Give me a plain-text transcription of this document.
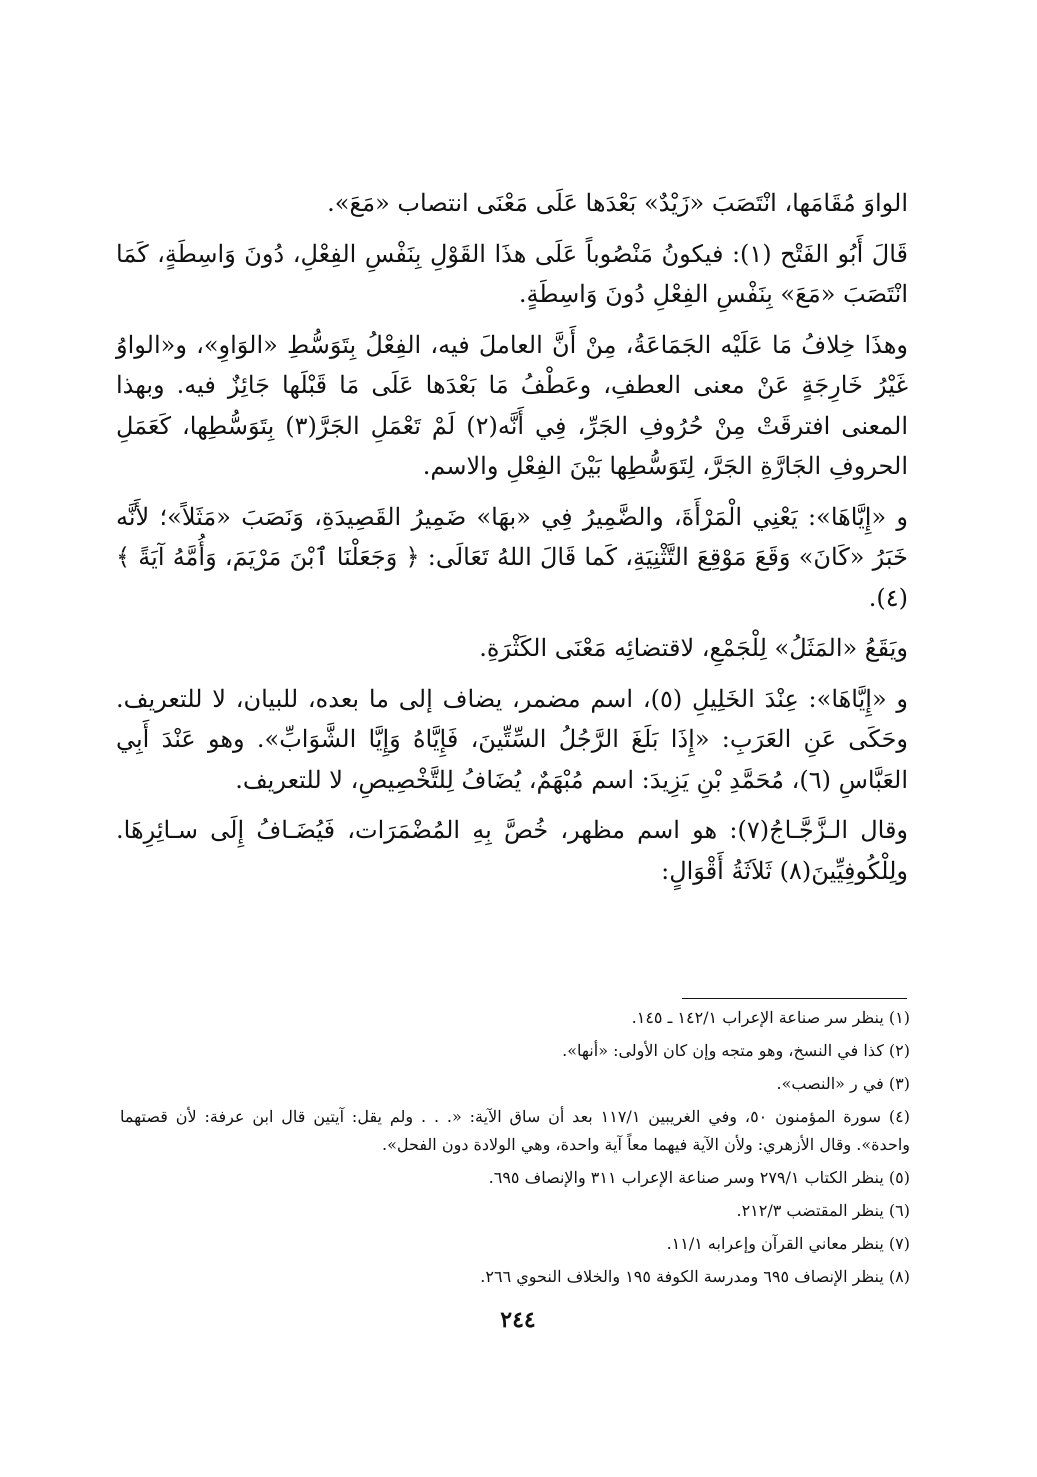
الواوَ مُقَامَها، انْتَصَبَ «زَيْدٌ» بَعْدَها عَلَى مَعْنَى انتصاب «مَعَ».

قَالَ أَبُو الفَتْح (١): فيكونُ مَنْصُوباً عَلَى هذَا القَوْلِ بِنَفْسِ الفِعْلِ، دُونَ وَاسِطَةٍ، كَمَا انْتَصَبَ «مَعَ» بِنَفْسِ الفِعْلِ دُونَ وَاسِطَةٍ.

وهذَا خِلافُ مَا عَلَيْه الجَمَاعَةُ، مِنْ أَنَّ العاملَ فيه، الفِعْلُ بِتَوَسُّطِ «الوَاوِ»، و«الواوُ غَيْرُ خَارِجَةٍ عَنْ معنى العطفِ، وعَطْفُ مَا بَعْدَها عَلَى مَا قَبْلَها جَائِزٌ فيه. وبهذا المعنى افترقَتْ مِنْ حُرُوفِ الجَرِّ، فِي أَنَّه(٢) لَمْ تَعْمَلِ الجَرَّ(٣) بِتَوَسُّطِها، كَعَمَلِ الحروفِ الجَارَّةِ الجَرَّ، لِتَوَسُّطِها بَيْنَ الفِعْلِ والاسم.

و «إِيَّاهَا»: يَعْنِي الْمَرْأَةَ، والضَّمِيرُ فِي «بهَا» ضَمِيرُ القَصِيدَةِ، وَنَصَبَ «مَثَلاً»؛ لأَنَّه خَبَرُ «كَانَ» وَقَعَ مَوْقِعَ التَّثْنِيَةِ، كَما قَالَ اللهُ تَعَالَى: ﴿ وَجَعَلْنَا ٱبْنَ مَرْيَمَ، وَأُمَّهُ آيَةً ﴾(٤).

ويَقَعُ «المَثَلُ» لِلْجَمْعِ، لاقتضائِه مَعْنَى الكَثْرَةِ.

و «إِيَّاهَا»: عِنْدَ الخَلِيلِ (٥)، اسم مضمر، يضاف إلى ما بعده، للبيان، لا للتعريف. وحَكَى عَنِ العَرَبِ: «إِذَا بَلَغَ الرَّجُلُ السِّتِّينَ، فَإِيَّاهُ وَإِيَّا الشَّوَابِّ». وهو عَنْدَ أَبِي العَبَّاسِ (٦)، مُحَمَّدِ بْنِ يَزِيدَ: اسم مُبْهَمٌ، يُضَافُ لِلتَّخْصِيصِ، لا للتعريف.

وقال الـزَّجَّـاجُ(٧): هو اسم مظهر، خُصَّ بِهِ المُضْمَرَات، فَيُضَـافُ إِلَى سـائِرِهَا. ولِلْكُوفِيِّينَ(٨) ثَلاَثَةُ أَقْوَالٍ:

(١) ينظر سر صناعة الإعراب ١٤٢/١ ـ ١٤٥.

(٢) كذا في النسخ، وهو متجه وإن كان الأولى: «أنها».

(٣) في ر «النصب».

(٤) سورة المؤمنون ٥٠، وفي الغريبين ١١٧/١ بعد أن ساق الآية: «. . . ولم يقل: آيتين قال ابن عرفة: لأن قصتهما واحدة». وقال الأزهري: ولأن الآية فيهما معاً آية واحدة، وهي الولادة دون الفحل».

(٥) ينظر الكتاب ٢٧٩/١ وسر صناعة الإعراب ٣١١ والإنصاف ٦٩٥.

(٦) ينظر المقتضب ٢١٢/٣.

(٧) ينظر معاني القرآن وإعرابه ١١/١.

(٨) ينظر الإنصاف ٦٩٥ ومدرسة الكوفة ١٩٥ والخلاف النحوي ٢٦٦.

٢٤٤
